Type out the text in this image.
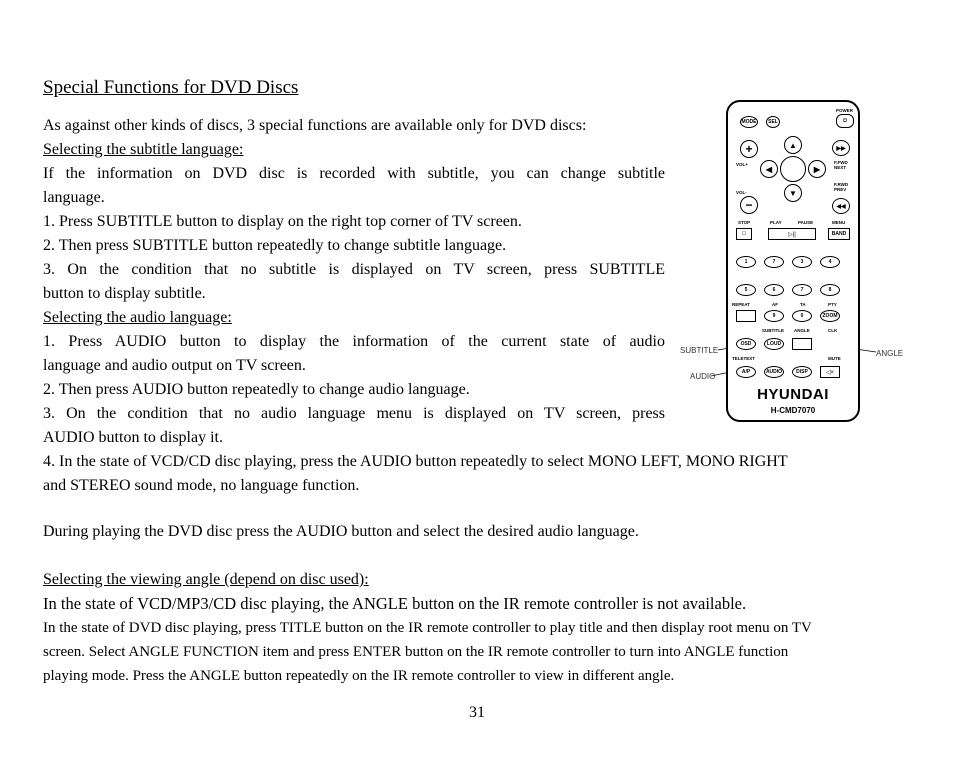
Special Functions for DVD Discs
As against other kinds of discs, 3 special functions are available only for DVD discs:
Selecting the subtitle language:
If the information on DVD disc is recorded with subtitle, you can change subtitle
language.
1. Press SUBTITLE button to display on the right top corner of TV screen.
2. Then press SUBTITLE button repeatedly to change subtitle language.
3. On the condition that no subtitle is displayed on TV screen, press SUBTITLE
button to display subtitle.
Selecting the audio language:
1. Press AUDIO button to display the information of the current state of audio
language and audio output on TV screen.
2. Then press AUDIO button repeatedly to change audio language.
3. On the condition that no audio language menu is displayed on TV screen, press
AUDIO button to display it.
4. In the state of VCD/CD disc playing, press the AUDIO button repeatedly to select MONO LEFT, MONO RIGHT
and STEREO sound mode, no language function.
During playing the DVD disc press the AUDIO button and select the desired audio language.
Selecting the viewing angle (depend on disc used):
In the state of VCD/MP3/CD disc playing, the ANGLE button on the IR remote controller is not available.
In the state of DVD disc playing, press TITLE button on the IR remote controller to play title and then display root menu on TV
screen. Select ANGLE FUNCTION item and press ENTER button on the IR remote controller to turn into ANGLE function
playing mode. Press the ANGLE button repeatedly on the IR remote controller to view in different angle.
31
SUBTITLE
AUDIO
ANGLE
POWER
⏻
MODE	SEL
+
VOL+
−
VOL-
▲
◀	▶
▼
▶▶
F.FWD NEXT
F.RWD PREV
◀◀
STOP	PLAY	PAUSE	MENU
□	▷||	BAND
1	7	3	4
5	6	7	8
REPEAT	AF	TA	PTY
9	0	ZOOM
SUBTITLE ANGLE	CLK
OSD	LOUD
TELETEXT	MUTE
A/P	AUDIO	DISP	◁×
HYUNDAI
H-CMD7070
